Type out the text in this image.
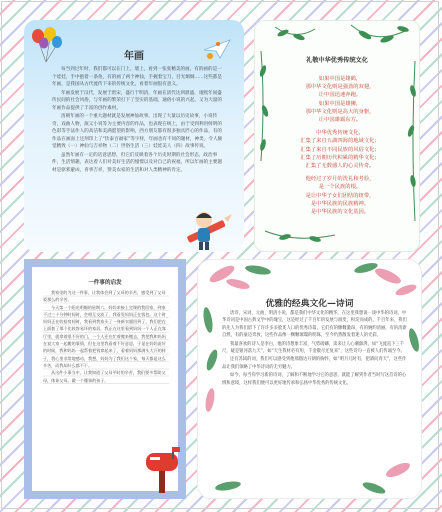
年画

每当到过年时，我们都可以在门上，墙上，看到一张张精美的画，有的画的是一个娃娃，手中抱着一条鱼，有的画了两个神仙，手握着宝刀，目光炯炯……这些都是年画，是我国从古代流传下来的传统文化，看着年画很有意义。

年画发展于汉代，发展于唐宋，盛行于明清，年画在清代达到鼎盛，康熙年间盛传民间的社会风俗，与年画的繁荣打下了坚实的基础，通俗小说的兴起，又为大量的年画作品提供了丰富的创作素材。

清朝年画的一个重大题材就是发展神仙故事，出现了大量以历史故事，小说传奇，戏曲人物，演义小说等为主要内容的作品，也表现在统上，由于受到利用鲜明的色彩等手法作人的高洁和美满愿望的影响，西方朋友都有很多独具匠心的作品，有的作品在画面上还刻印上了“饮泰百福家”等字样，年画也有不同的题材，神类，令人颇觉精致（一）神仙与吉祥物（二）世俗生活（三）娃娃美人（四）故事传说。

虽然年画有一定的话意思想，但它们反映着各个历史时期的社会形态，政治事件，生活情趣，表达着人们对美好生活的憧憬以及对自己的祝福，所以年画的主要题材是驱邪避凶，喜事吉祥，赞美农家的生活和对人类精神的肯定。

礼敬中华优秀传统文化

如果中国是雄鹤，
那中华文化则是强劲的双翅，
让中国迅速奔跑。
如果中国是雄狮，
那中华文化则是高大的身躯，
让中国雄霸东方。

中华优秀传统文化，
汇集了来自五湖四海的地域文化；
汇集了来自不同民族的风俗文化；
汇集了历朝历代积累的精华文化；
汇集了无数感人的心灵传奇。

他经过了岁月的洗礼和考验，
是一个民族的根。
是让中华子女们团结的纽带，
是中华民族的民族精神。
是中华民族的文化基因。

一件事的启发

我家里的为这一件事，让我体会到了父母的辛苦，感受到了父母爱那么的辛苦。

今天第一个阳光明媚的星期六，妈妈来接上完课的我回家，到家不过三十分钟时间时，会相互交流了，我看见妈妈正在钱包，这个时妈妈正在收拾房间时，我看到我家买了一身新衣服回到了，我们把在上面套了那个比较容易坏的家居，我正在这里看到妈妈一个人正在客厅里，就拿着很不好的门，一个人还在忙着搬来搬去，我把我和妈妈在说大家一起搬的事情，但在这里我看着不好意思，于是在妈妈说好的时候，我和妈妈一起帮着把钱拿起来了，看着妈妈那满头大汗的样子，我心里非常地感动，我想，妈妈为了我们这个家，每天都是这么辛苦，而我却什么都不干。

从这件小事当中，让我知道了父母平时的辛苦，我们要多帮助父母，体谅父母，做一个懂事的孩子。

优雅的经典文化—诗词

唐诗，宋词，元曲，明清小说，都是我们中华文化的精华，在这里我想谈一谈中华的诗词，中华诗词是中国古典文学中的瑰宝，这是经过了千百年的发展与演变，积淀而成的，千百年来，我们的先人为我们留下了许许多多脍炙人口的优秀诗篇，它们有的慷慨激昂，有的婉约清丽，有的清新自然，有的豪迈奔放，这些作品像一颗颗璀璨的明珠，至今仍然散发着迷人的光彩。

我最喜欢的诗人是李白，他的诗想象丰富，气势磅礴，读来让人心潮澎湃，如“飞流直下三千尺，疑是银河落九天”，如“天生我材必有用，千金散尽还复来”，这些诗句一直被人们传诵至今。

还有苏轼的词，我们可以感受到他那豁达开朗的胸怀，如“明月几时有，把酒问青天”，这些作品让我们领略了中华诗词的无穷魅力。

如今，每当你学习新的诗词，了解和不断地学习它的意思，就能了解到作者当时写这首诗的心情和意境，这样我们便可以更好地传承和弘扬中华优秀的传统文化。
